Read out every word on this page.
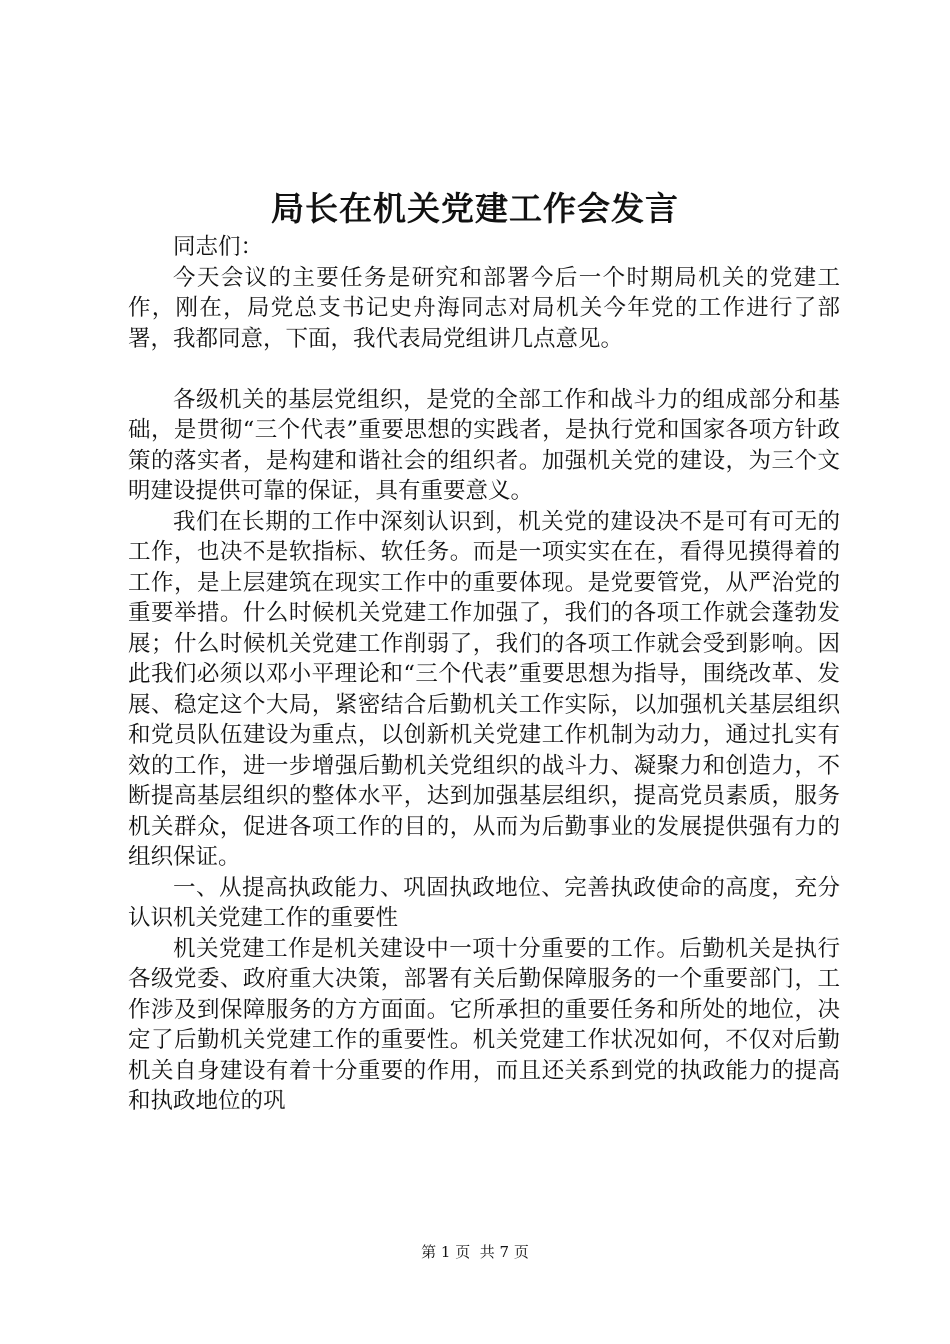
局长在机关党建工作会发言

同志们：

今天会议的主要任务是研究和部署今后一个时期局机关的党建工作，刚在，局党总支书记史舟海同志对局机关今年党的工作进行了部署，我都同意，下面，我代表局党组讲几点意见。

各级机关的基层党组织，是党的全部工作和战斗力的组成部分和基础，是贯彻“三个代表”重要思想的实践者，是执行党和国家各项方针政策的落实者，是构建和谐社会的组织者。加强机关党的建设，为三个文明建设提供可靠的保证，具有重要意义。

我们在长期的工作中深刻认识到，机关党的建设决不是可有可无的工作，也决不是软指标、软任务。而是一项实实在在，看得见摸得着的工作，是上层建筑在现实工作中的重要体现。是党要管党，从严治党的重要举措。什么时候机关党建工作加强了，我们的各项工作就会蓬勃发展；什么时候机关党建工作削弱了，我们的各项工作就会受到影响。因此我们必须以邓小平理论和“三个代表”重要思想为指导，围绕改革、发展、稳定这个大局，紧密结合后勤机关工作实际，以加强机关基层组织和党员队伍建设为重点，以创新机关党建工作机制为动力，通过扎实有效的工作，进一步增强后勤机关党组织的战斗力、凝聚力和创造力，不断提高基层组织的整体水平，达到加强基层组织，提高党员素质，服务机关群众，促进各项工作的目的，从而为后勤事业的发展提供强有力的组织保证。

一、从提高执政能力、巩固执政地位、完善执政使命的高度，充分认识机关党建工作的重要性

机关党建工作是机关建设中一项十分重要的工作。后勤机关是执行各级党委、政府重大决策，部署有关后勤保障服务的一个重要部门，工作涉及到保障服务的方方面面。它所承担的重要任务和所处的地位，决定了后勤机关党建工作的重要性。机关党建工作状况如何，不仅对后勤机关自身建设有着十分重要的作用，而且还关系到党的执政能力的提高和执政地位的巩

第 1 页  共 7 页
